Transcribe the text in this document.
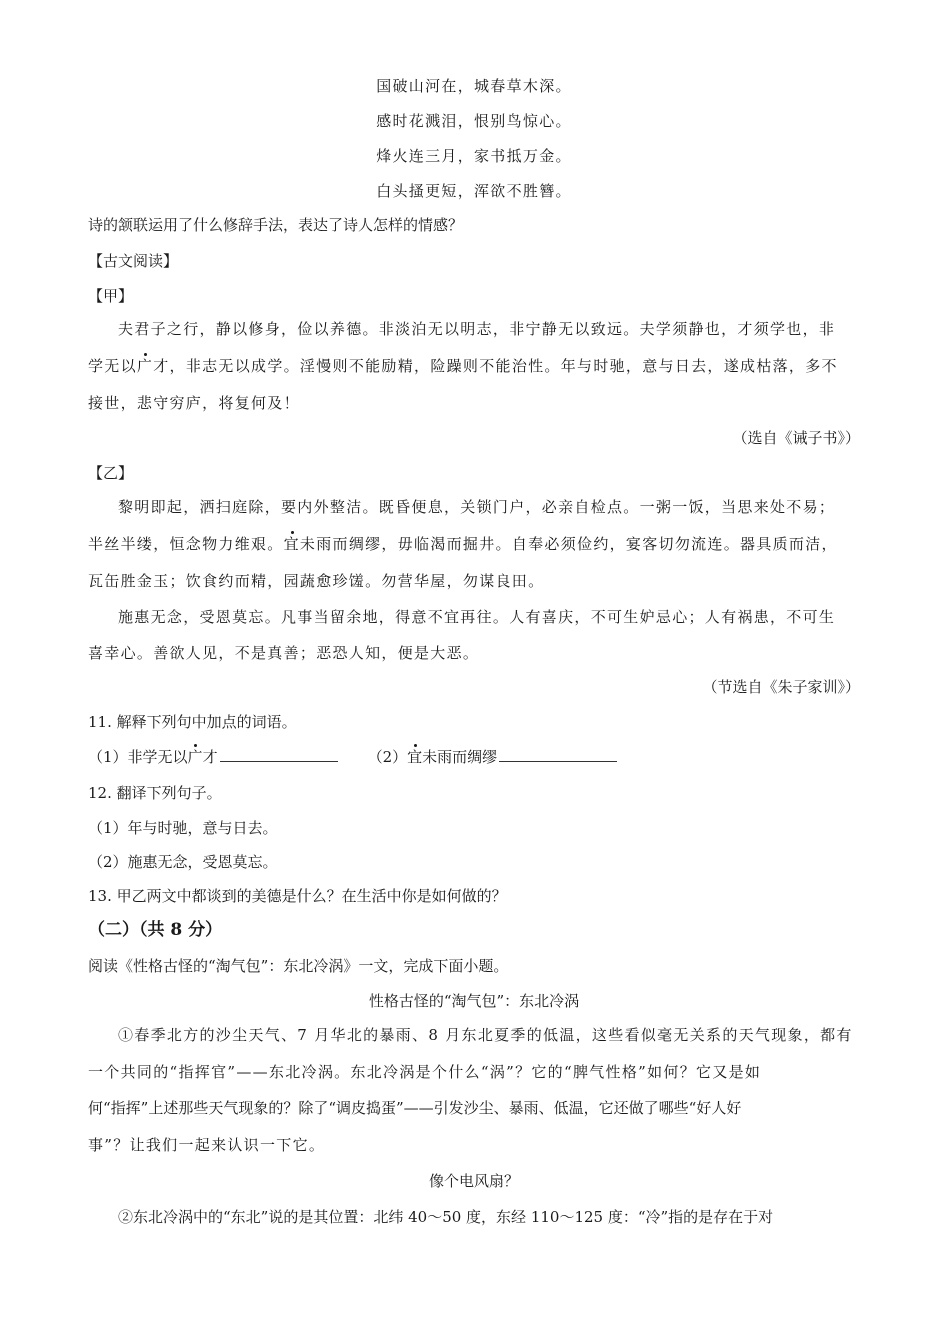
国破山河在，城春草木深。
感时花溅泪，恨别鸟惊心。
烽火连三月，家书抵万金。
白头搔更短，浑欲不胜簪。
诗的颔联运用了什么修辞手法，表达了诗人怎样的情感？
【古文阅读】
【甲】
夫君子之行，静以修身，俭以养德。非淡泊无以明志，非宁静无以致远。夫学须静也，才须学也，非
学无以广才，非志无以成学。淫慢则不能励精，险躁则不能治性。年与时驰，意与日去，遂成枯落，多不
接世，悲守穷庐，将复何及！
（选自《诫子书》）
【乙】
黎明即起，洒扫庭除，要内外整洁。既昏便息，关锁门户，必亲自检点。一粥一饭，当思来处不易；
半丝半缕，恒念物力维艰。宜未雨而绸缪，毋临渴而掘井。自奉必须俭约，宴客切勿流连。器具质而洁，
瓦缶胜金玉；饮食约而精，园蔬愈珍馐。勿营华屋，勿谋良田。
施惠无念，受恩莫忘。凡事当留余地，得意不宜再往。人有喜庆，不可生妒忌心；人有祸患，不可生
喜幸心。善欲人见，不是真善；恶恐人知，便是大恶。
（节选自《朱子家训》）
11. 解释下列句中加点的词语。
（1）非学无以广才	（2）宜未雨而绸缪
12. 翻译下列句子。
（1）年与时驰，意与日去。
（2）施惠无念，受恩莫忘。
13. 甲乙两文中都谈到的美德是什么？在生活中你是如何做的？
（二）（共 8 分）
阅读《性格古怪的“淘气包”：东北冷涡》一文，完成下面小题。
性格古怪的“淘气包”：东北冷涡
①春季北方的沙尘天气、7 月华北的暴雨、8 月东北夏季的低温，这些看似毫无关系的天气现象，都有
一个共同的“指挥官”——东北冷涡。东北冷涡是个什么“涡”？它的“脾气性格”如何？它又是如
何“指挥”上述那些天气现象的？除了“调皮捣蛋”——引发沙尘、暴雨、低温，它还做了哪些“好人好
事”？让我们一起来认识一下它。
像个电风扇？
②东北冷涡中的“东北”说的是其位置：北纬 40～50 度，东经 110～125 度：“冷”指的是存在于对
